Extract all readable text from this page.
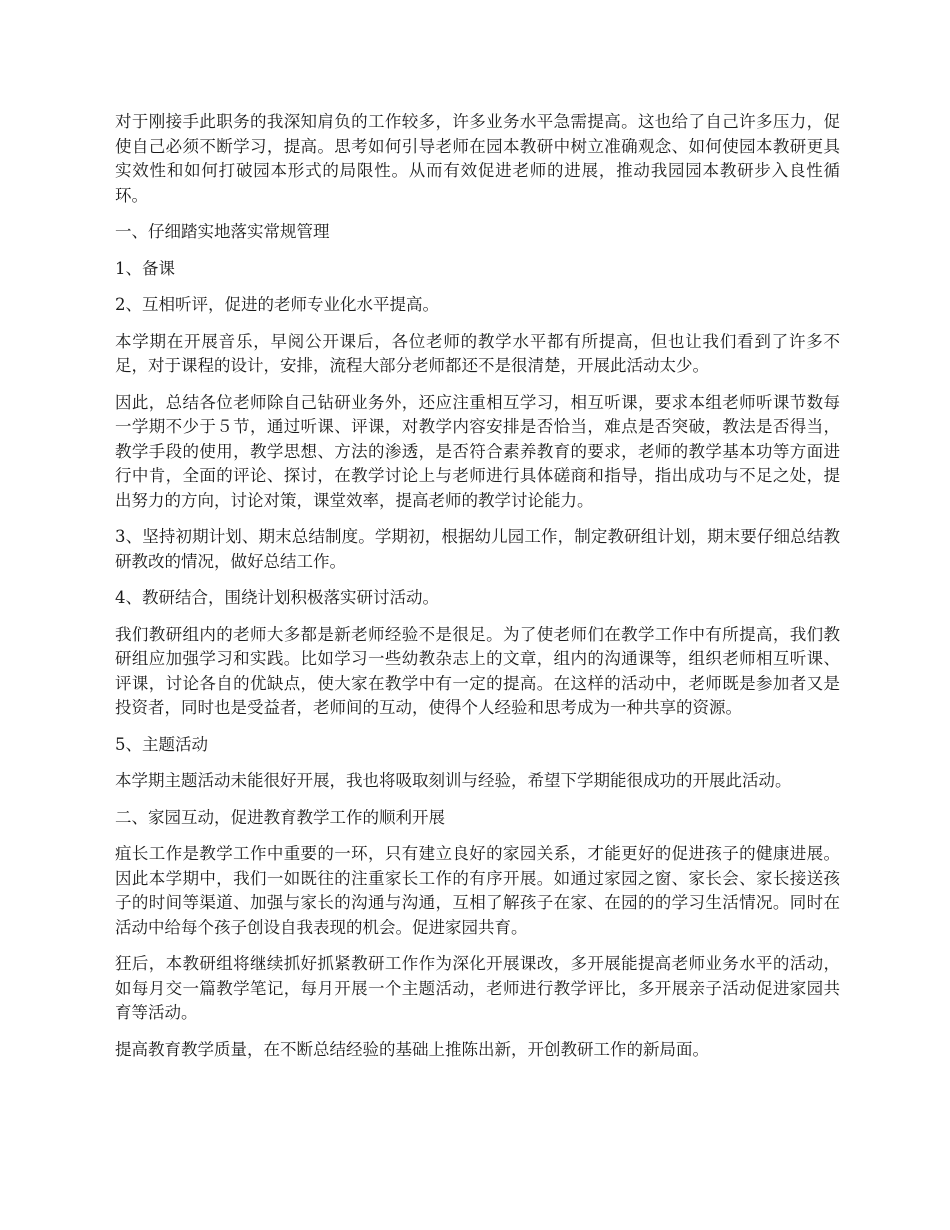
对于刚接手此职务的我深知肩负的工作较多，许多业务水平急需提高。这也给了自己许多压力，促使自己必须不断学习，提高。思考如何引导老师在园本教研中树立准确观念、如何使园本教研更具实效性和如何打破园本形式的局限性。从而有效促进老师的进展，推动我园园本教研步入良性循环。

一、仔细踏实地落实常规管理

1、备课

2、互相听评，促进的老师专业化水平提高。

本学期在开展音乐，早阅公开课后，各位老师的教学水平都有所提高，但也让我们看到了许多不足，对于课程的设计，安排，流程大部分老师都还不是很清楚，开展此活动太少。

因此，总结各位老师除自己钻研业务外，还应注重相互学习，相互听课，要求本组老师听课节数每一学期不少于５节，通过听课、评课，对教学内容安排是否恰当，难点是否突破，教法是否得当，教学手段的使用，教学思想、方法的渗透，是否符合素养教育的要求，老师的教学基本功等方面进行中肯，全面的评论、探讨，在教学讨论上与老师进行具体磋商和指导，指出成功与不足之处，提出努力的方向，讨论对策，课堂效率，提高老师的教学讨论能力。

3、坚持初期计划、期末总结制度。学期初，根据幼儿园工作，制定教研组计划，期末要仔细总结教研教改的情况，做好总结工作。

4、教研结合，围绕计划积极落实研讨活动。

我们教研组内的老师大多都是新老师经验不是很足。为了使老师们在教学工作中有所提高，我们教研组应加强学习和实践。比如学习一些幼教杂志上的文章，组内的沟通课等，组织老师相互听课、评课，讨论各自的优缺点，使大家在教学中有一定的提高。在这样的活动中，老师既是参加者又是投资者，同时也是受益者，老师间的互动，使得个人经验和思考成为一种共享的资源。

5、主题活动

本学期主题活动未能很好开展，我也将吸取刻训与经验，希望下学期能很成功的开展此活动。

二、家园互动，促进教育教学工作的顺利开展

疽长工作是教学工作中重要的一环，只有建立良好的家园关系，才能更好的促进孩子的健康进展。因此本学期中，我们一如既往的注重家长工作的有序开展。如通过家园之窗、家长会、家长接送孩子的时间等渠道、加强与家长的沟通与沟通，互相了解孩子在家、在园的的学习生活情况。同时在活动中给每个孩子创设自我表现的机会。促进家园共育。

狂后，本教研组将继续抓好抓紧教研工作作为深化开展课改，多开展能提高老师业务水平的活动，如每月交一篇教学笔记，每月开展一个主题活动，老师进行教学评比，多开展亲子活动促进家园共育等活动。

提高教育教学质量，在不断总结经验的基础上推陈出新，开创教研工作的新局面。
